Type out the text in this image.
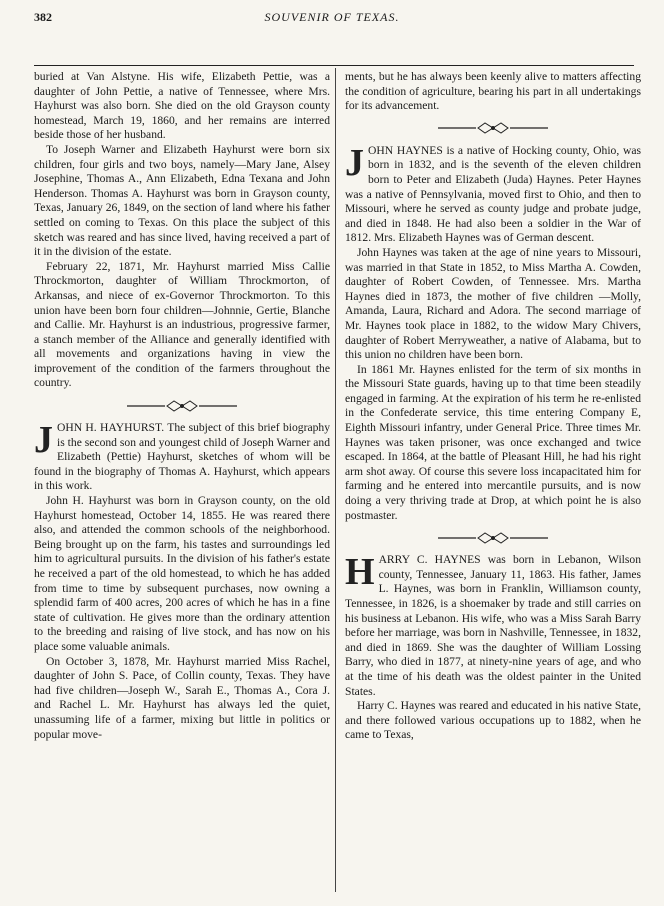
382	SOUVENIR OF TEXAS.

buried at Van Alstyne. His wife, Elizabeth Pettie, was a daughter of John Pettie, a native of Tennessee, where Mrs. Hayhurst was also born. She died on the old Grayson county homestead, March 19, 1860, and her remains are interred beside those of her husband.

To Joseph Warner and Elizabeth Hayhurst were born six children, four girls and two boys, namely—Mary Jane, Alsey Josephine, Thomas A., Ann Elizabeth, Edna Texana and John Henderson. Thomas A. Hayhurst was born in Grayson county, Texas, January 26, 1849, on the section of land where his father settled on coming to Texas. On this place the subject of this sketch was reared and has since lived, having received a part of it in the division of the estate.

February 22, 1871, Mr. Hayhurst married Miss Callie Throckmorton, daughter of William Throckmorton, of Arkansas, and niece of ex-Governor Throckmorton. To this union have been born four children—Johnnie, Gertie, Blanche and Callie. Mr. Hayhurst is an industrious, progressive farmer, a stanch member of the Alliance and generally identified with all movements and organizations having in view the improvement of the condition of the farmers throughout the country.

JOHN H. HAYHURST. The subject of this brief biography is the second son and youngest child of Joseph Warner and Elizabeth (Pettie) Hayhurst, sketches of whom will be found in the biography of Thomas A. Hayhurst, which appears in this work.

John H. Hayhurst was born in Grayson county, on the old Hayhurst homestead, October 14, 1855. He was reared there also, and attended the common schools of the neighborhood. Being brought up on the farm, his tastes and surroundings led him to agricultural pursuits. In the division of his father's estate he received a part of the old homestead, to which he has added from time to time by subsequent purchases, now owning a splendid farm of 400 acres, 200 acres of which he has in a fine state of cultivation. He gives more than the ordinary attention to the breeding and raising of live stock, and has now on his place some valuable animals.

On October 3, 1878, Mr. Hayhurst married Miss Rachel, daughter of John S. Pace, of Collin county, Texas. They have had five children—Joseph W., Sarah E., Thomas A., Cora J. and Rachel L. Mr. Hayhurst has always led the quiet, unassuming life of a farmer, mixing but little in politics or popular move-

ments, but he has always been keenly alive to matters affecting the condition of agriculture, bearing his part in all undertakings for its advancement.

JOHN HAYNES is a native of Hocking county, Ohio, was born in 1832, and is the seventh of the eleven children born to Peter and Elizabeth (Juda) Haynes. Peter Haynes was a native of Pennsylvania, moved first to Ohio, and then to Missouri, where he served as county judge and probate judge, and died in 1848. He had also been a soldier in the War of 1812. Mrs. Elizabeth Haynes was of German descent.

John Haynes was taken at the age of nine years to Missouri, was married in that State in 1852, to Miss Martha A. Cowden, daughter of Robert Cowden, of Tennessee. Mrs. Martha Haynes died in 1873, the mother of five children —Molly, Amanda, Laura, Richard and Adora. The second marriage of Mr. Haynes took place in 1882, to the widow Mary Chivers, daughter of Robert Merryweather, a native of Alabama, but to this union no children have been born.

In 1861 Mr. Haynes enlisted for the term of six months in the Missouri State guards, having up to that time been steadily engaged in farming. At the expiration of his term he re-enlisted in the Confederate service, this time entering Company E, Eighth Missouri infantry, under General Price. Three times Mr. Haynes was taken prisoner, was once exchanged and twice escaped. In 1864, at the battle of Pleasant Hill, he had his right arm shot away. Of course this severe loss incapacitated him for farming and he entered into mercantile pursuits, and is now doing a very thriving trade at Drop, at which point he is also postmaster.

HARRY C. HAYNES was born in Lebanon, Wilson county, Tennessee, January 11, 1863. His father, James L. Haynes, was born in Franklin, Williamson county, Tennessee, in 1826, is a shoemaker by trade and still carries on his business at Lebanon. His wife, who was a Miss Sarah Barry before her marriage, was born in Nashville, Tennessee, in 1832, and died in 1869. She was the daughter of William Lossing Barry, who died in 1877, at ninety-nine years of age, and who at the time of his death was the oldest painter in the United States.

Harry C. Haynes was reared and educated in his native State, and there followed various occupations up to 1882, when he came to Texas,
